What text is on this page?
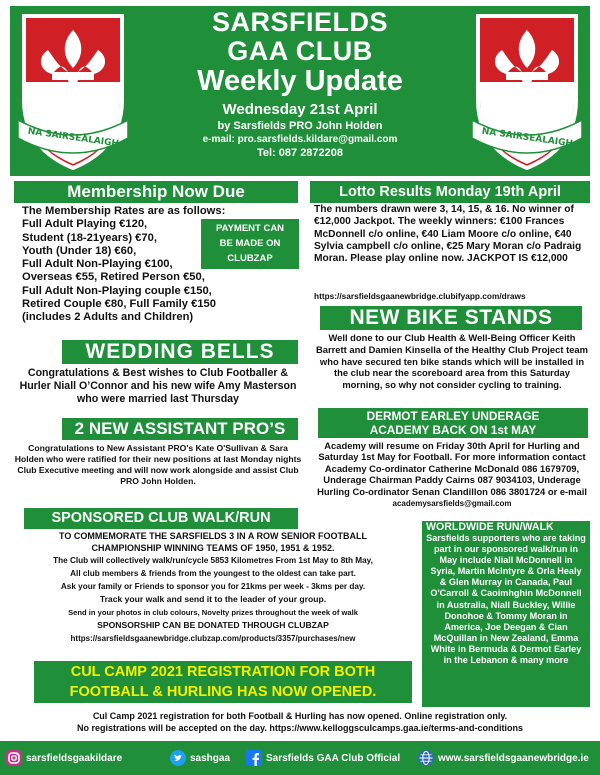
NA SAIRSEALAIGH
SARSFIELDS
GAA CLUB
Weekly Update
Wednesday 21st April
by Sarsfields PRO John Holden
e-mail: pro.sarsfields.kildare@gmail.com
Tel: 087 2872208
NA SAIRSEALAIGH
Membership Now Due
The Membership Rates are as follows:
Full Adult Playing €120,
Student (18-21years) €70,
Youth (Under 18) €60,
Full Adult Non-Playing €100,
Overseas €55, Retired Person €50,
Full Adult Non-Playing couple €150,
Retired Couple €80, Full Family €150
(includes 2 Adults and Children)
PAYMENT CAN
BE MADE ON
CLUBZAP
WEDDING BELLS
Congratulations & Best wishes to Club Footballer & Hurler Niall O’Connor and his new wife Amy Masterson who were married last Thursday
2 NEW ASSISTANT PRO’S
Congratulations to New Assistant PRO's Kate O'Sullivan & Sara Holden who were ratified for their new positions at last Monday nights Club Executive meeting and will now work alongside and assist Club PRO John Holden.
SPONSORED CLUB WALK/RUN
TO COMMEMORATE THE SARSFIELDS 3 IN A ROW SENIOR FOOTBALL
CHAMPIONSHIP WINNING TEAMS OF 1950, 1951 & 1952.
The Club will collectively walk/run/cycle 5853 Kilometres From 1st May to 8th May,
All club members & friends from the youngest to the oldest can take part.
Ask your family or Friends to sponsor you for 21kms per week - 3kms per day.
Track your walk and send it to the leader of your group.
Send in your photos in club colours, Novelty prizes throughout the week of walk
SPONSORSHIP CAN BE DONATED THROUGH CLUBZAP
https://sarsfieldsgaanewbridge.clubzap.com/products/3357/purchases/new
CUL CAMP 2021 REGISTRATION FOR BOTH
FOOTBALL & HURLING HAS NOW OPENED.
Cul Camp 2021 registration for both Football & Hurling has now opened. Online registration only.
No registrations will be accepted on the day. https://www.kelloggsculcamps.gaa.ie/terms-and-conditions
Lotto Results Monday 19th April
The numbers drawn were 3, 14, 15, & 16. No winner of €12,000 Jackpot. The weekly winners: €100 Frances McDonnell c/o online, €40 Liam Moore c/o online, €40 Sylvia campbell c/o online, €25 Mary Moran c/o Padraig Moran. Please play online now. JACKPOT IS €12,000
https://sarsfieldsgaanewbridge.clubifyapp.com/draws
NEW BIKE STANDS
Well done to our Club Health & Well-Being Officer Keith Barrett and Damien Kinsella of the Healthy Club Project team who have secured ten bike stands which will be installed in the club near the scoreboard area from this Saturday morning, so why not consider cycling to training.
DERMOT EARLEY UNDERAGE
ACADEMY BACK ON 1st MAY
Academy will resume on Friday 30th April for Hurling and Saturday 1st May for Football. For more information contact Academy Co-ordinator Catherine McDonald 086 1679709, Underage Chairman Paddy Cairns 087 9034103, Underage Hurling Co-ordinator Senan Clandillon 086 3801724 or e-mail academysarsfields@gmail.com
WORLDWIDE RUN/WALK
Sarsfields supporters who are taking part in our sponsored walk/run in May include Niall McDonnell in Syria, Martin McIntyre & Orla Healy & Glen Murray in Canada, Paul O'Carroll & Caoimhghin McDonnell in Australia, Niall Buckley, Willie Donohoe & Tommy Moran in America, Joe Deegan & Cian McQuillan in New Zealand, Emma White in Bermuda & Dermot Earley in the Lebanon & many more
sarsfieldsgaakildare	sashgaa	Sarsfields GAA Club Official	www.sarsfieldsgaanewbridge.ie
